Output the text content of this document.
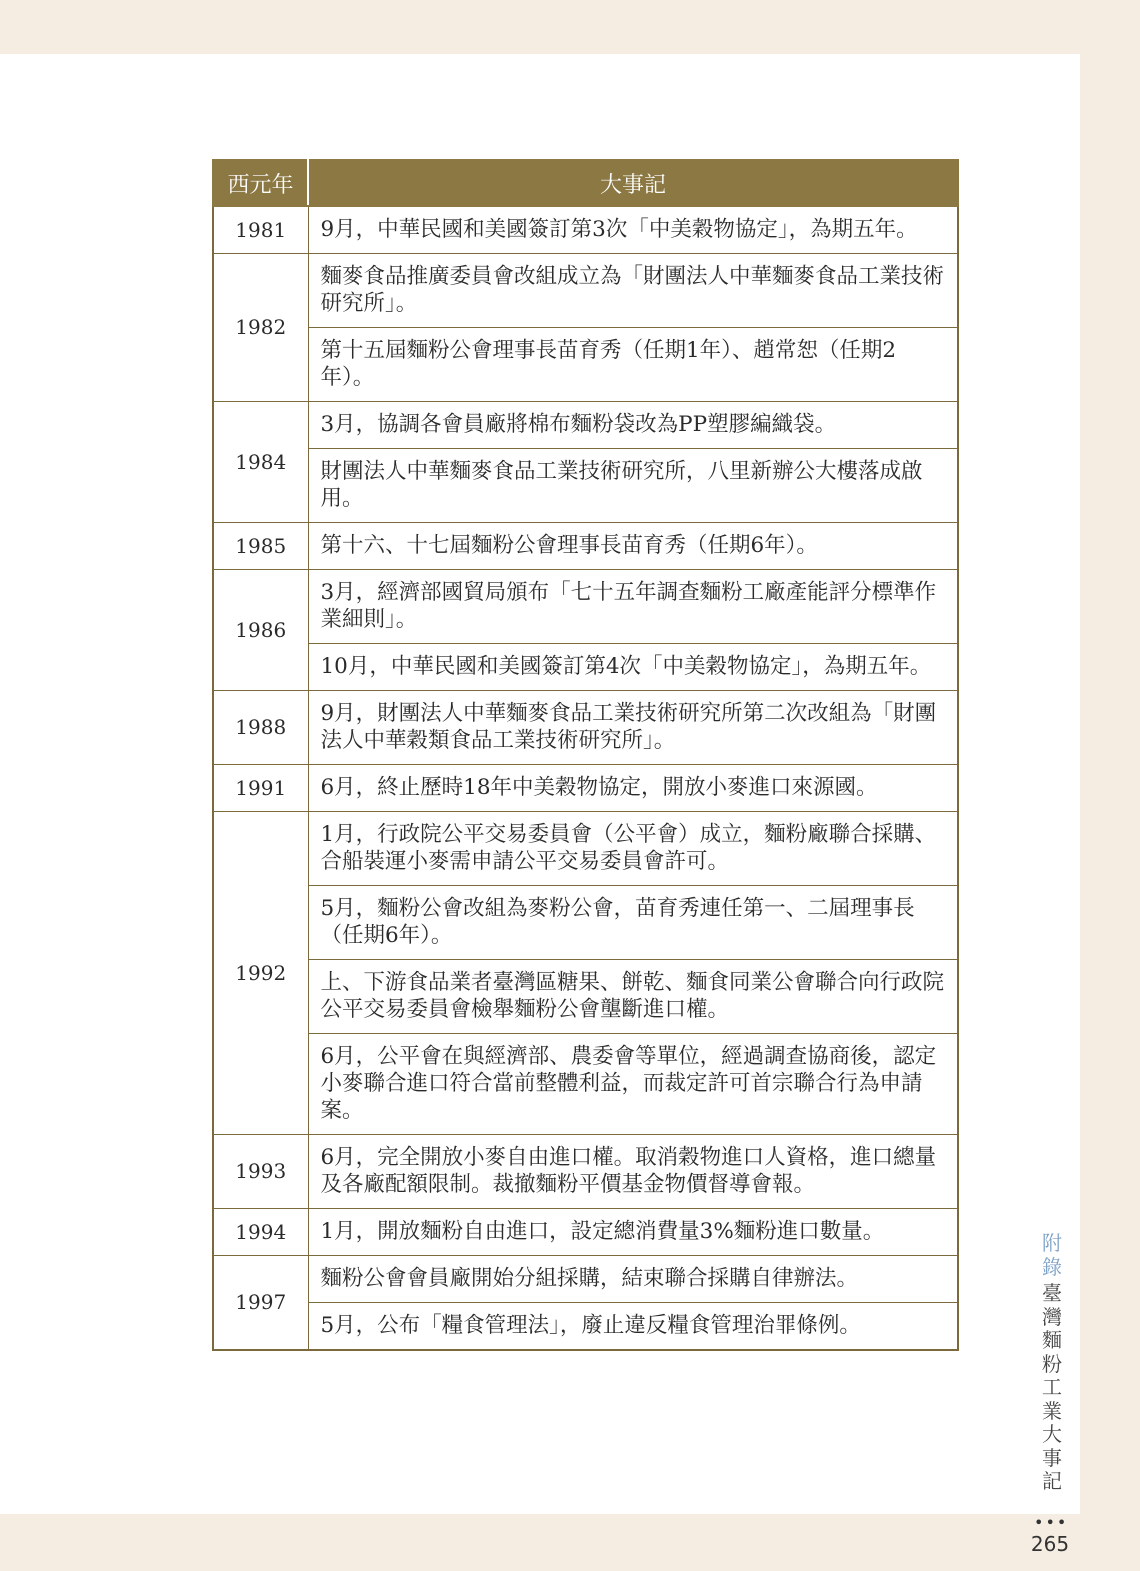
西元年	大事記
1981	9月，中華民國和美國簽訂第3次「中美穀物協定」，為期五年。
1982	麵麥食品推廣委員會改組成立為「財團法人中華麵麥食品工業技術研究所」。
	第十五屆麵粉公會理事長苗育秀（任期1年）、趙常恕（任期2年）。
1984	3月，協調各會員廠將棉布麵粉袋改為PP塑膠編織袋。
	財團法人中華麵麥食品工業技術研究所，八里新辦公大樓落成啟用。
1985	第十六、十七屆麵粉公會理事長苗育秀（任期6年）。
1986	3月，經濟部國貿局頒布「七十五年調查麵粉工廠產能評分標準作業細則」。
	10月，中華民國和美國簽訂第4次「中美穀物協定」，為期五年。
1988	9月，財團法人中華麵麥食品工業技術研究所第二次改組為「財團法人中華穀類食品工業技術研究所」。
1991	6月，終止歷時18年中美穀物協定，開放小麥進口來源國。
1992	1月，行政院公平交易委員會（公平會）成立，麵粉廠聯合採購、合船裝運小麥需申請公平交易委員會許可。
	5月，麵粉公會改組為麥粉公會，苗育秀連任第一、二屆理事長（任期6年）。
	上、下游食品業者臺灣區糖果、餅乾、麵食同業公會聯合向行政院公平交易委員會檢舉麵粉公會壟斷進口權。
	6月，公平會在與經濟部、農委會等單位，經過調查協商後，認定小麥聯合進口符合當前整體利益，而裁定許可首宗聯合行為申請案。
1993	6月，完全開放小麥自由進口權。取消穀物進口人資格，進口總量及各廠配額限制。裁撤麵粉平價基金物價督導會報。
1994	1月，開放麵粉自由進口，設定總消費量3%麵粉進口數量。
1997	麵粉公會會員廠開始分組採購，結束聯合採購自律辦法。
	5月，公布「糧食管理法」，廢止違反糧食管理治罪條例。
附錄
臺
灣
麵
粉
工
業
大
事
記
•••
265
